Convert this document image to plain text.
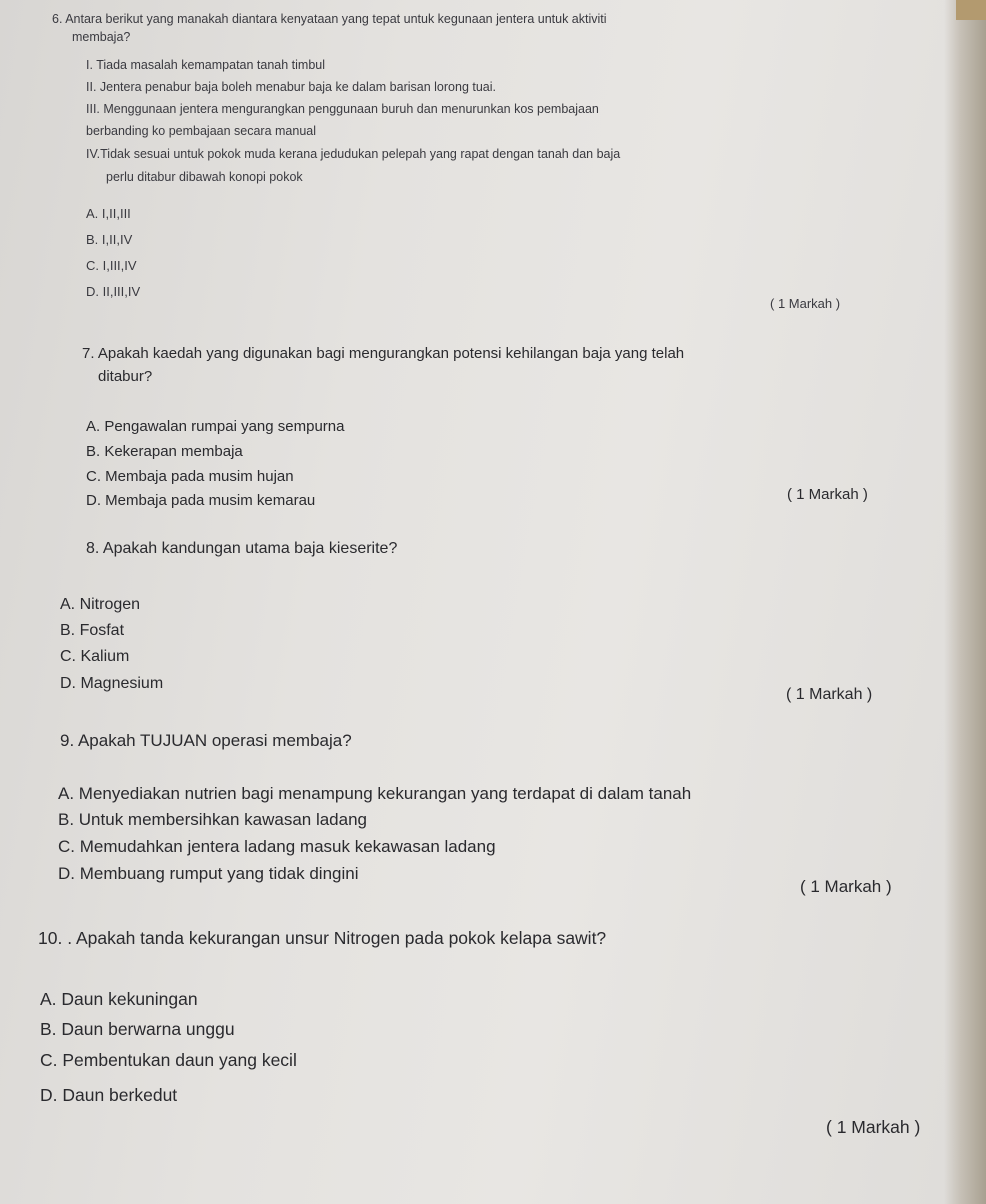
6. Antara berikut yang manakah diantara kenyataan yang tepat untuk kegunaan jentera untuk aktiviti
membaja?
I. Tiada masalah kemampatan tanah timbul
II. Jentera penabur baja boleh menabur baja ke dalam barisan lorong tuai.
III. Menggunaan jentera mengurangkan penggunaan buruh dan menurunkan kos pembajaan
berbanding ko pembajaan secara manual
IV.Tidak sesuai untuk pokok muda kerana jedudukan pelepah yang rapat dengan tanah dan baja
perlu ditabur dibawah konopi pokok
A. I,II,III
B. I,II,IV
C. I,III,IV
D. II,III,IV
( 1 Markah )
7. Apakah kaedah yang digunakan bagi mengurangkan potensi kehilangan baja yang telah
ditabur?
A. Pengawalan rumpai yang sempurna
B. Kekerapan membaja
C. Membaja pada musim hujan
D. Membaja pada musim kemarau	( 1 Markah )
8. Apakah kandungan utama baja kieserite?
A. Nitrogen
B. Fosfat
C. Kalium
D. Magnesium
( 1 Markah )
9. Apakah TUJUAN operasi membaja?
A. Menyediakan nutrien bagi menampung kekurangan yang terdapat di dalam tanah
B. Untuk membersihkan kawasan ladang
C. Memudahkan jentera ladang masuk kekawasan ladang
D. Membuang rumput yang tidak dingini
( 1 Markah )
10. . Apakah tanda kekurangan unsur Nitrogen pada pokok kelapa sawit?
A. Daun kekuningan
B. Daun berwarna unggu
C. Pembentukan daun yang kecil
D. Daun berkedut
( 1 Markah )
